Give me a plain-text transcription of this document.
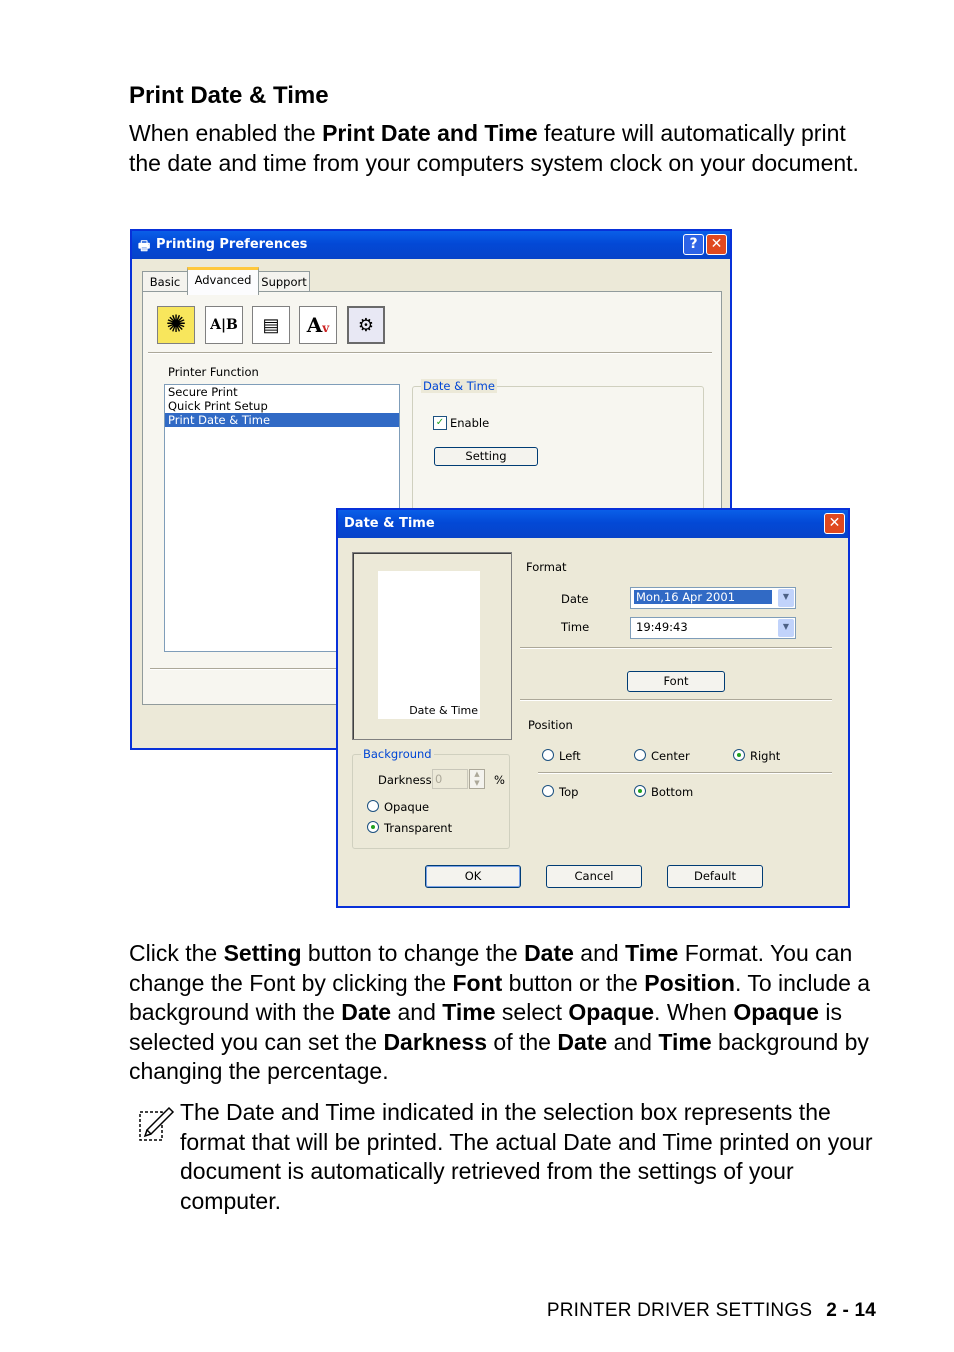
Print Date & Time

When enabled the Print Date and Time feature will automatically print the date and time from your computers system clock on your document.

🖶 Printing Preferences	? ✕
Basic	Advanced Support
Printer Function
Secure Print
Quick Print Setup
Print Date & Time
Date & Time
✓ Enable
Setting
✺	A|B	▤	Av	⚙
Date & Time	✕
Date & Time
Format
Date	Mon,16 Apr 2001	▼
Time	19:49:43	▼
Font
Position
Left	Center	Right
Top	Bottom
Background
Darkness 0	▲
▼	%
Opaque
Transparent
OK	Cancel	Default

Click the Setting button to change the Date and Time Format. You can change the Font by clicking the Font button or the Position. To include a background with the Date and Time select Opaque. When Opaque is selected you can set the Darkness of the Date and Time background by changing the percentage.

The Date and Time indicated in the selection box represents the format that will be printed. The actual Date and Time printed on your document is automatically retrieved from the settings of your computer.

PRINTER DRIVER SETTINGS 2 - 14
